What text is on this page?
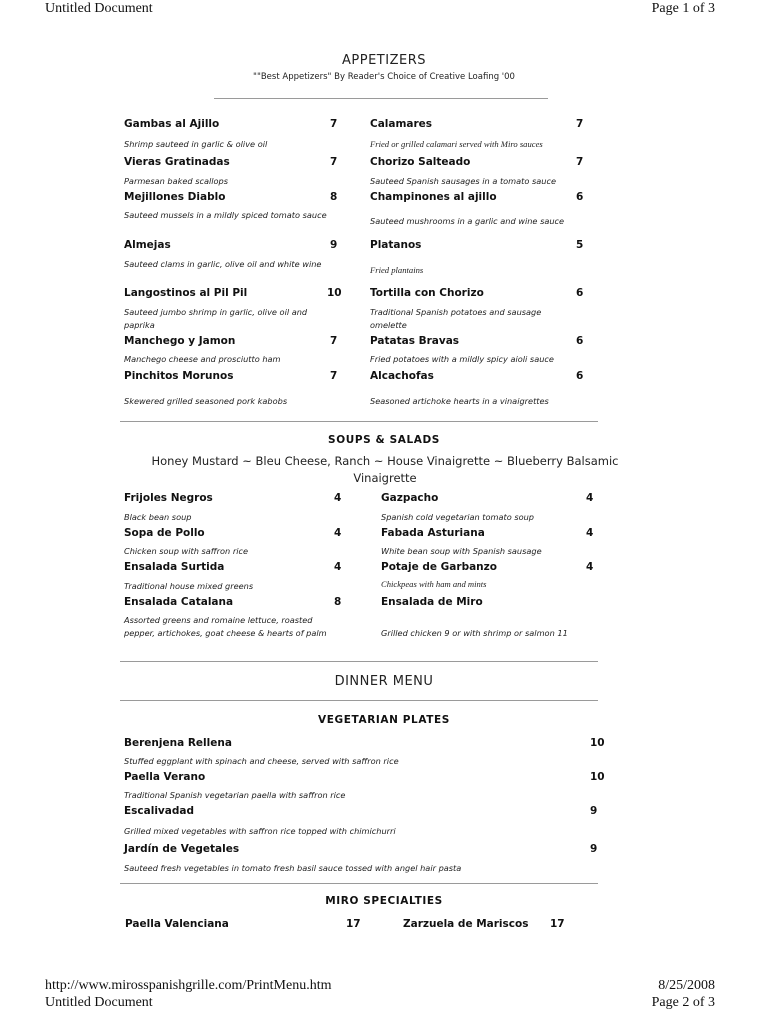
Untitled Document	Page 1 of 3
APPETIZERS
""Best Appetizers" By Reader's Choice of Creative Loafing '00
Gambas al Ajillo	7
Shrimp sauteed in garlic & olive oil
Vieras Gratinadas	7
Parmesan baked scallops
Mejillones Diablo	8
Sauteed mussels in a mildly spiced tomato sauce
Almejas	9
Sauteed clams in garlic, olive oil and white wine
Langostinos al Pil Pil	10
Sauteed jumbo shrimp in garlic, olive oil and paprika
Manchego y Jamon	7
Manchego cheese and prosciutto ham
Pinchitos Morunos	7
Skewered grilled seasoned pork kabobs
Calamares	7
Fried or grilled calamari served with Miro sauces
Chorizo Salteado	7
Sauteed Spanish sausages in a tomato sauce
Champinones al ajillo	6
Sauteed mushrooms in a garlic and wine sauce
Platanos	5
Fried plantains
Tortilla con Chorizo	6
Traditional Spanish potatoes and sausage omelette
Patatas Bravas	6
Fried potatoes with a mildly spicy aioli sauce
Alcachofas	6
Seasoned artichoke hearts in a vinaigrettes
SOUPS & SALADS
Honey Mustard ~ Bleu Cheese, Ranch ~ House Vinaigrette ~ Blueberry Balsamic Vinaigrette
Frijoles Negros	4
Black bean soup
Sopa de Pollo	4
Chicken soup with saffron rice
Ensalada Surtida	4
Traditional house mixed greens
Ensalada Catalana	8
Assorted greens and romaine lettuce, roasted pepper, artichokes, goat cheese & hearts of palm
Gazpacho	4
Spanish cold vegetarian tomato soup
Fabada Asturiana	4
White bean soup with Spanish sausage
Potaje de Garbanzo	4
Chickpeas with ham and mints
Ensalada de Miro
Grilled chicken 9 or with shrimp or salmon 11
DINNER MENU
VEGETARIAN PLATES
Berenjena Rellena	10
Stuffed eggplant with spinach and cheese, served with saffron rice
Paella Verano	10
Traditional Spanish vegetarian paella with saffron rice
Escalivadad	9
Grilled mixed vegetables with saffron rice topped with chimichurri
Jardín de Vegetales	9
Sauteed fresh vegetables in tomato fresh basil sauce tossed with angel hair pasta
MIRO SPECIALTIES
Paella Valenciana	17	Zarzuela de Mariscos 17
http://www.mirosspanishgrille.com/PrintMenu.htm	8/25/2008
Untitled Document	Page 2 of 3
